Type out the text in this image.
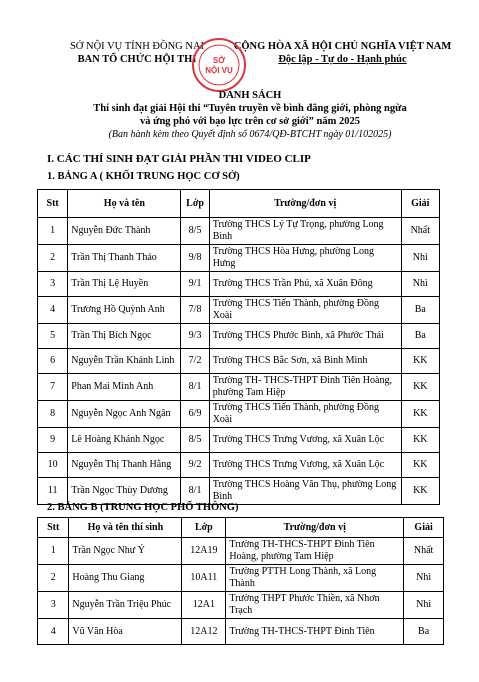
SỞ NỘI VỤ TỈNH ĐỒNG NAI
BAN TỔ CHỨC HỘI THI
CỘNG HÒA XÃ HỘI CHỦ NGHĨA VIỆT NAM
Độc lập - Tự do - Hạnh phúc
SỞ
NỘI VỤ
DANH SÁCH
Thí sinh đạt giải Hội thi “Tuyên truyền về bình đẳng giới, phòng ngừa
và ứng phó với bạo lực trên cơ sở giới” năm 2025
(Ban hành kèm theo Quyết định số 0674/QĐ-BTCHT ngày 01/102025)
I. CÁC THÍ SINH ĐẠT GIẢI PHẦN THI VIDEO CLIP
1. BẢNG A ( KHỐI TRUNG HỌC CƠ SỞ)
Stt	Họ và tên	Lớp	Trường/đơn vị	Giải
1	Nguyễn Đức Thành	8/5	Trường THCS Lý Tự Trọng, phường Long Bình	Nhất
2	Trần Thị Thanh Thảo	9/8	Trường THCS Hòa Hưng, phường Long Hưng	Nhì
3	Trần Thị Lệ Huyền	9/1	Trường THCS Trần Phú, xã Xuân Đông	Nhì
4	Trương Hồ Quỳnh Anh	7/8	Trường THCS Tiến Thành, phường Đồng Xoài	Ba
5	Trần Thị Bích Ngọc	9/3	Trường THCS Phước Bình, xã Phước Thái	Ba
6	Nguyễn Trần Khánh Linh	7/2	Trường THCS Bắc Sơn, xã Bình Minh	KK
7	Phan Mai Minh Anh	8/1	Trường TH- THCS-THPT Đinh Tiên Hoàng, phường Tam Hiệp	KK
8	Nguyễn Ngọc Anh Ngân	6/9	Trường THCS Tiến Thành, phường Đồng Xoài	KK
9	Lê Hoàng Khánh Ngọc	8/5	Trường THCS Trưng Vương, xã Xuân Lộc	KK
10	Nguyễn Thị Thanh Hằng	9/2	Trường THCS Trưng Vương, xã Xuân Lộc	KK
11	Trần Ngọc Thùy Dương	8/1	Trường THCS Hoàng Văn Thụ, phường Long Bình	KK
2. BẢNG B (TRUNG HỌC PHỔ THÔNG)
Stt	Họ và tên thí sinh	Lớp	Trường/đơn vị	Giải
1	Trần Ngọc Như Ý	12A19	Trường TH-THCS-THPT Đinh Tiên Hoàng, phường Tam Hiệp	Nhất
2	Hoàng Thu Giang	10A11	Trường PTTH Long Thành, xã Long Thành	Nhì
3	Nguyễn Trần Triệu Phúc	12A1	Trường THPT Phước Thiền, xã Nhơn Trạch	Nhì
4	Vũ Văn Hòa	12A12	Trường TH-THCS-THPT Đinh Tiên	Ba
